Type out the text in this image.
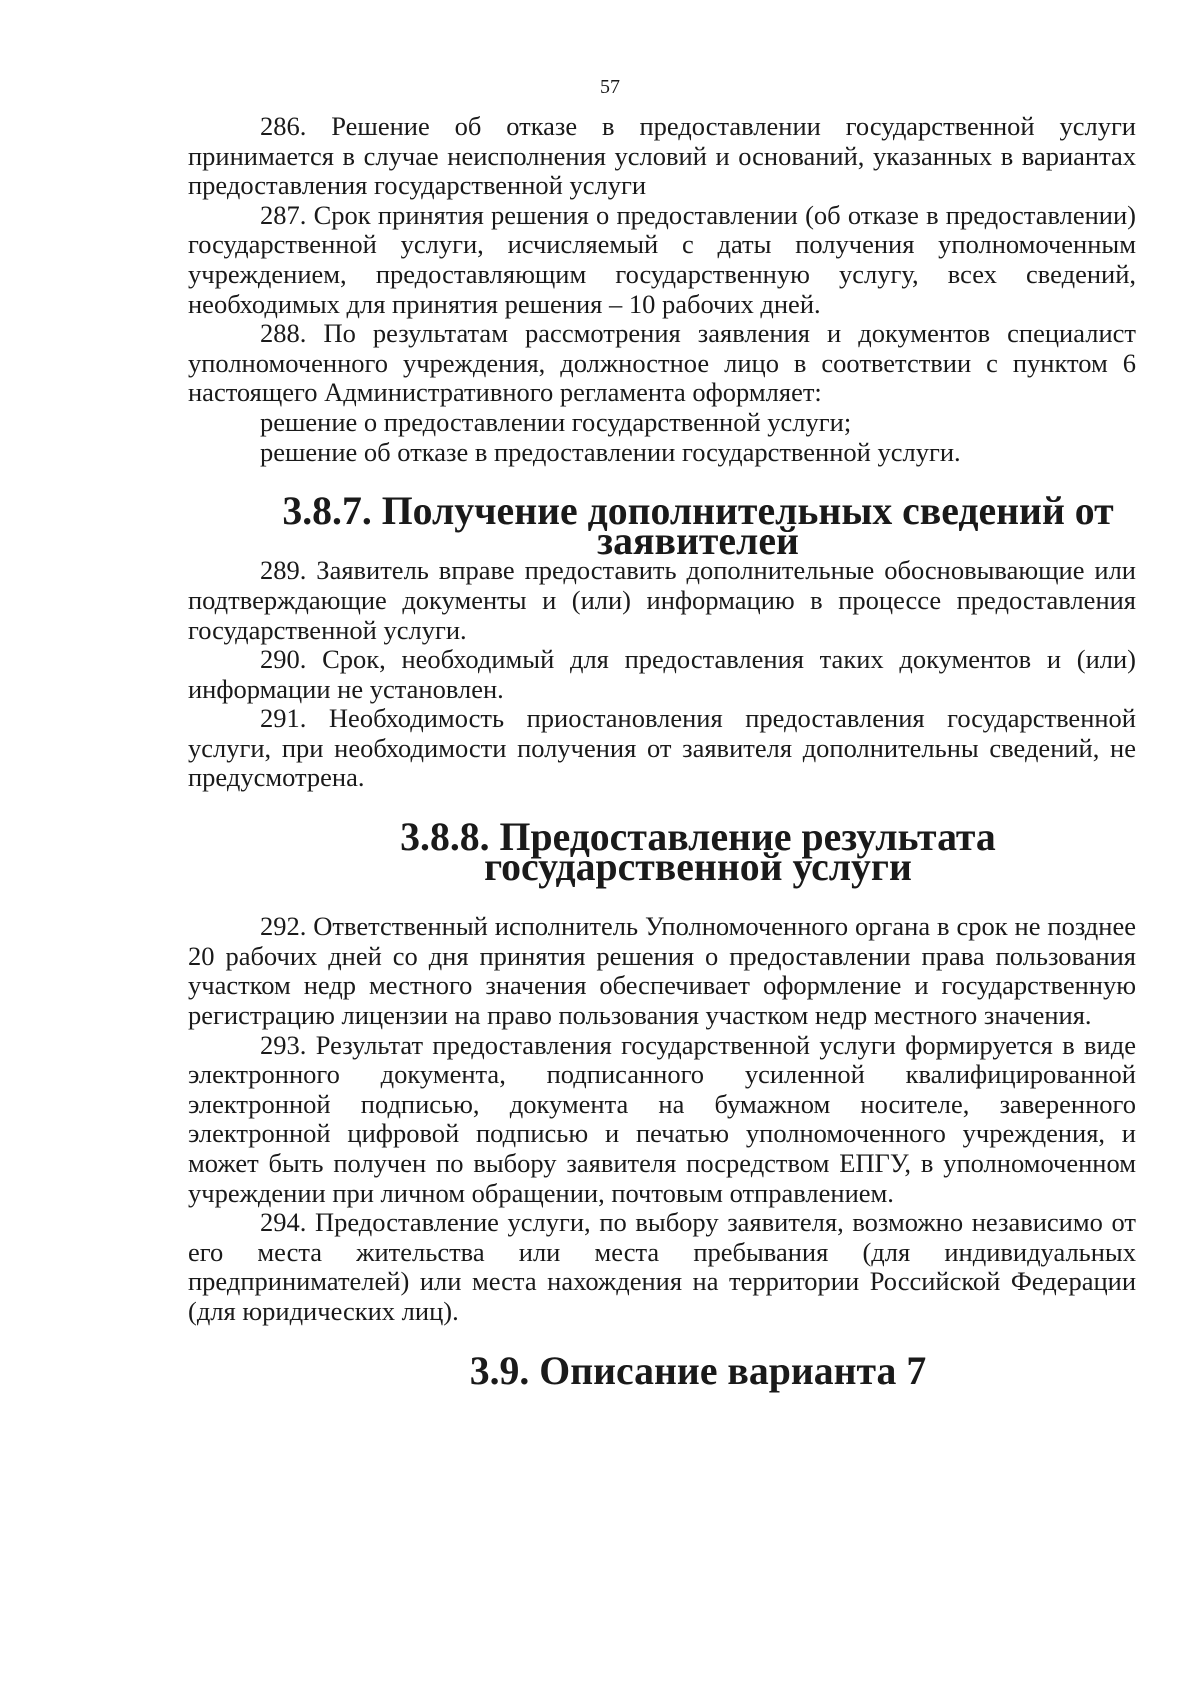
57

286. Решение об отказе в предоставлении государственной услуги принимается в случае неисполнения условий и оснований, указанных в вариантах предоставления государственной услуги

287. Срок принятия решения о предоставлении (об отказе в предоставлении) государственной услуги, исчисляемый с даты получения уполномоченным учреждением, предоставляющим государственную услугу, всех сведений, необходимых для принятия решения – 10 рабочих дней.

288. По результатам рассмотрения заявления и документов специалист уполномоченного учреждения, должностное лицо в соответствии с пунктом 6 настоящего Административного регламента оформляет:

решение о предоставлении государственной услуги;

решение об отказе в предоставлении государственной услуги.

3.8.7. Получение дополнительных сведений от заявителей

289. Заявитель вправе предоставить дополнительные обосновывающие или подтверждающие документы и (или) информацию в процессе предоставления государственной услуги.

290. Срок, необходимый для предоставления таких документов и (или) информации не установлен.

291. Необходимость приостановления предоставления государственной услуги, при необходимости получения от заявителя дополнительны сведений, не предусмотрена.

3.8.8. Предоставление результата государственной услуги

292. Ответственный исполнитель Уполномоченного органа в срок не позднее 20 рабочих дней со дня принятия решения о предоставлении права пользования участком недр местного значения обеспечивает оформление и государственную регистрацию лицензии на право пользования участком недр местного значения.

293. Результат предоставления государственной услуги формируется в виде электронного документа, подписанного усиленной квалифицированной электронной подписью, документа на бумажном носителе, заверенного электронной цифровой подписью и печатью уполномоченного учреждения, и может быть получен по выбору заявителя посредством ЕПГУ, в уполномоченном учреждении при личном обращении, почтовым отправлением.

294. Предоставление услуги, по выбору заявителя, возможно независимо от его места жительства или места пребывания (для индивидуальных предпринимателей) или места нахождения на территории Российской Федерации (для юридических лиц).

3.9. Описание варианта 7
